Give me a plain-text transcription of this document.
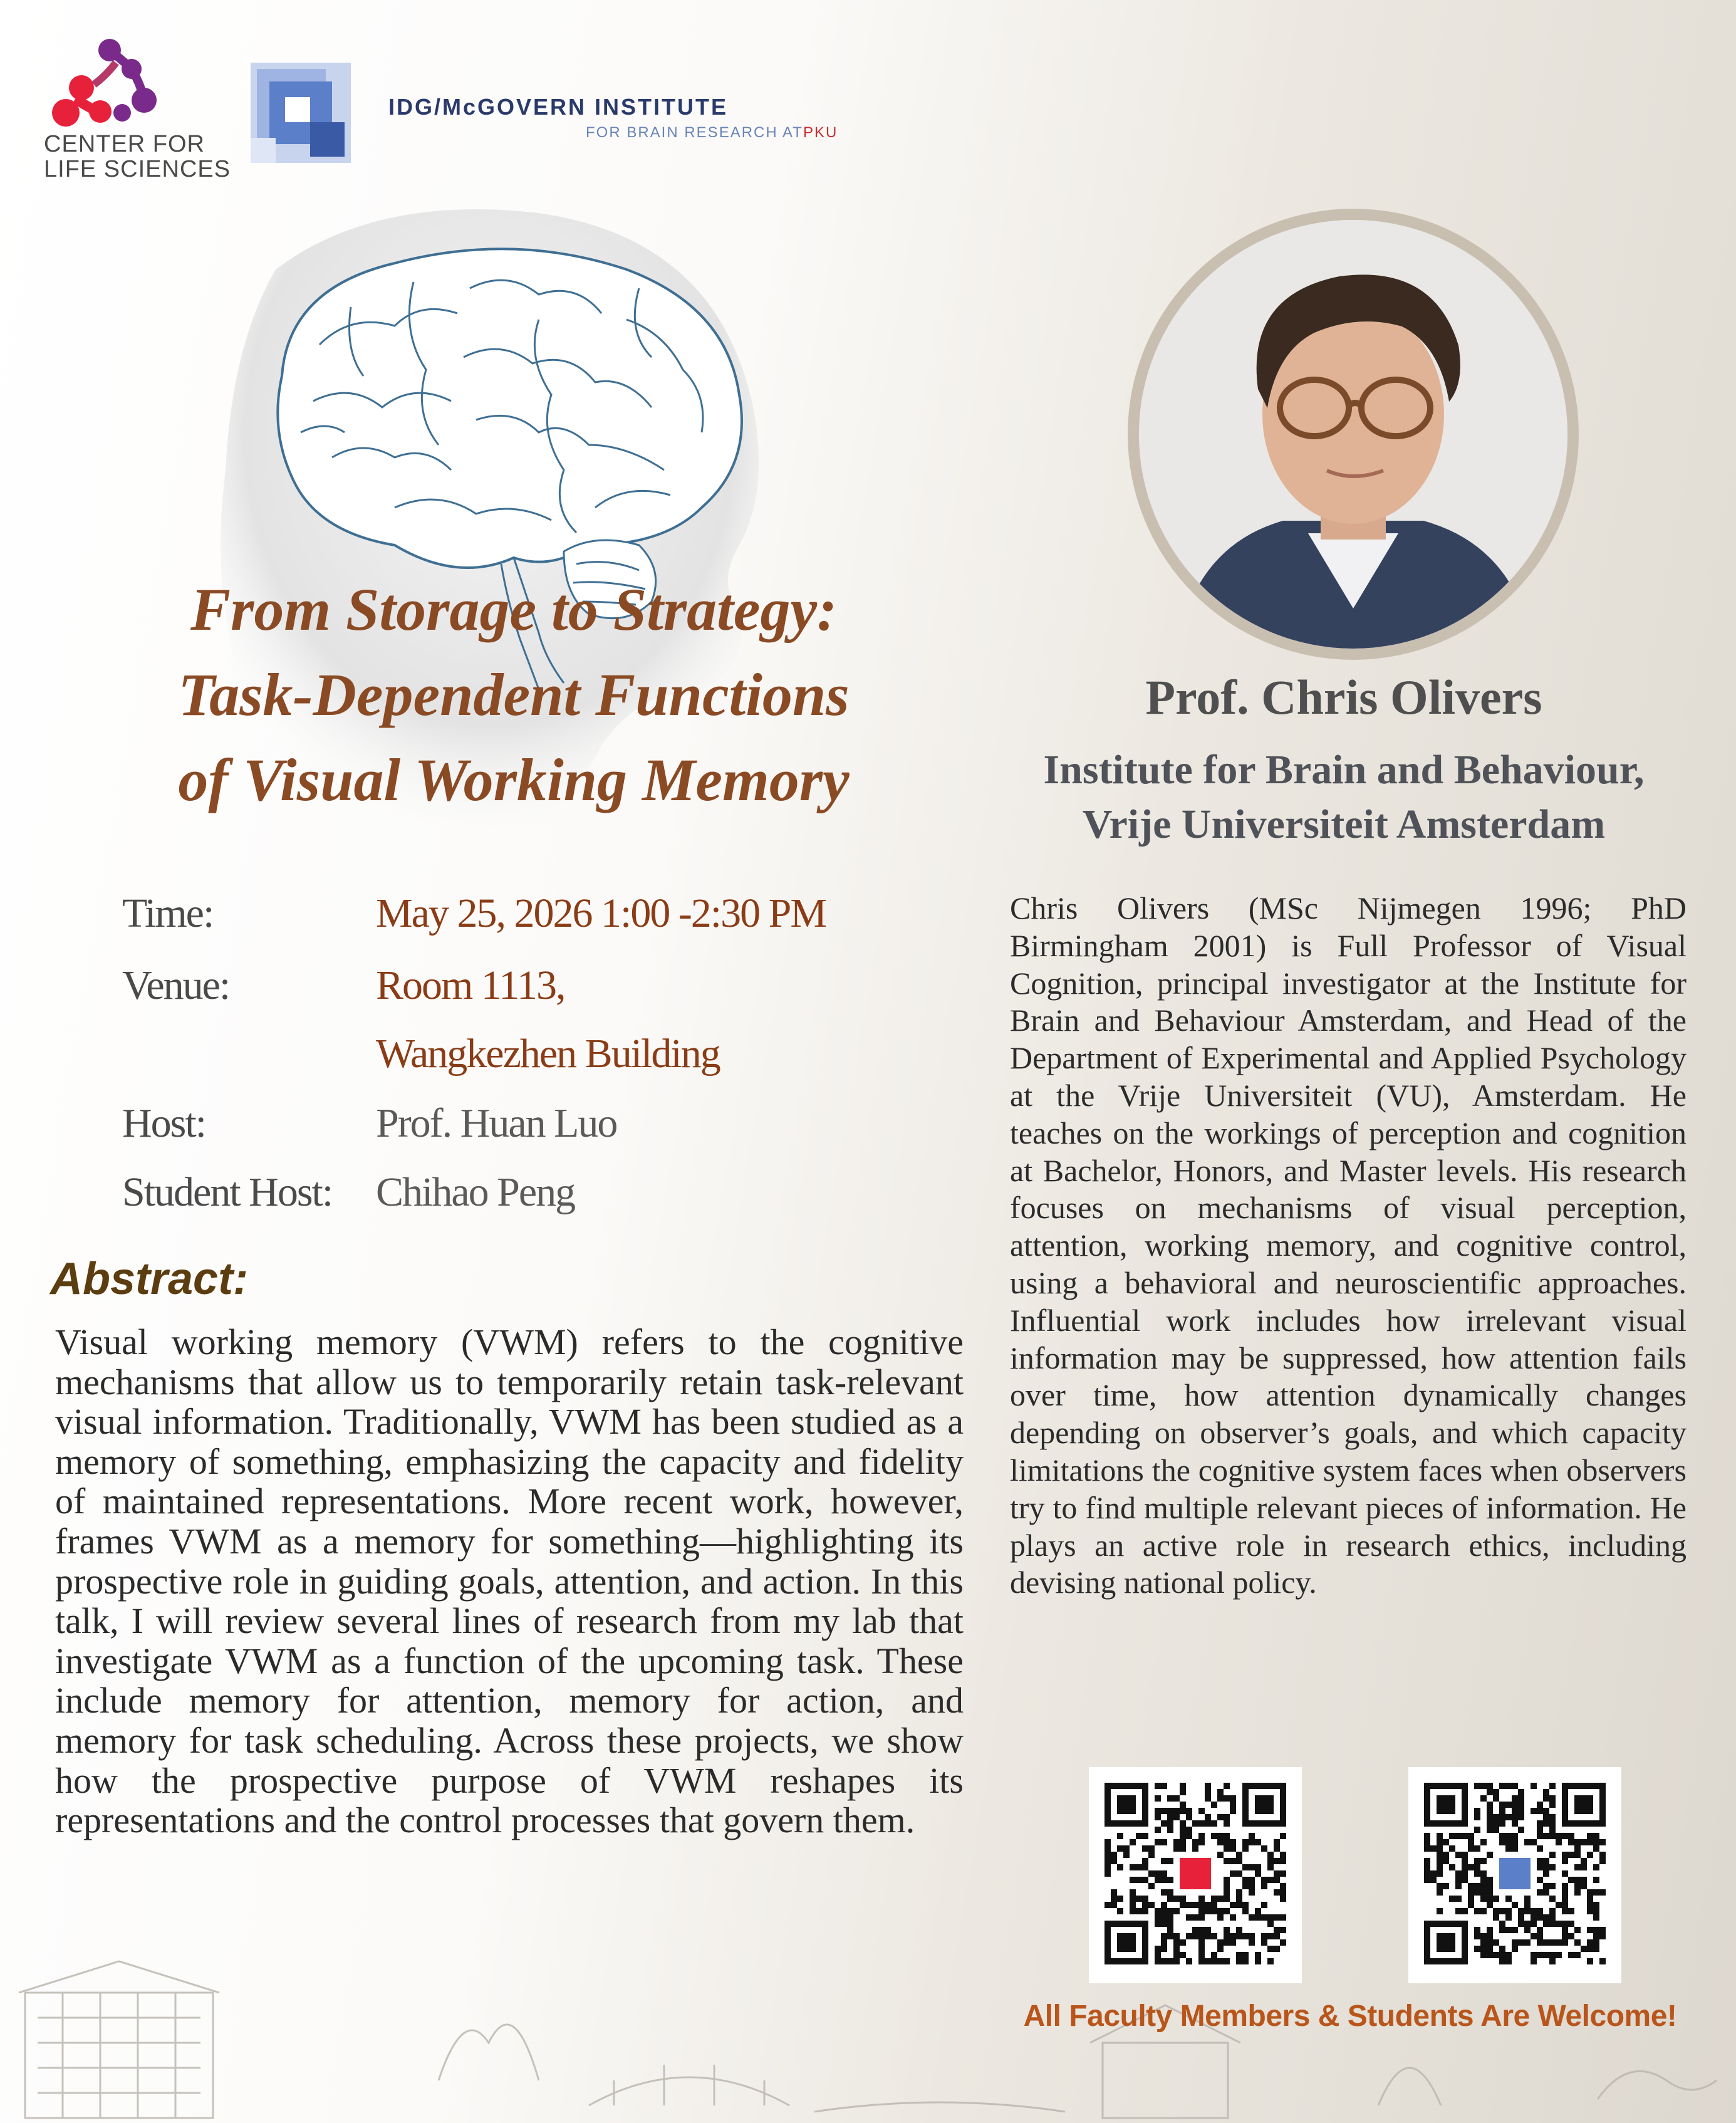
CENTER FOR
LIFE SCIENCES
IDG/McGOVERN INSTITUTE
FOR BRAIN RESEARCH ATPKU
From Storage to Strategy:
Task-Dependent Functions
of Visual Working Memory
Time:	May 25, 2026 1:00 -2:30 PM
Venue:	Room 1113,
Wangkezhen Building
Host:	Prof. Huan Luo
Student Host: Chihao Peng
Abstract:
Visual working memory (VWM) refers to the cognitive mechanisms that allow us to temporarily retain task-relevant visual information. Traditionally, VWM has been studied as a memory of something, emphasizing the capacity and fidelity of maintained representations. More recent work, however, frames VWM as a memory for something—highlighting its prospective role in guiding goals, attention, and action. In this talk, I will review several lines of research from my lab that investigate VWM as a function of the upcoming task. These include memory for attention, memory for action, and memory for task scheduling. Across these projects, we show how the prospective purpose of VWM reshapes its representations and the control processes that govern them.
Prof. Chris Olivers
Institute for Brain and Behaviour,
Vrije Universiteit Amsterdam
Chris Olivers (MSc Nijmegen 1996; PhD Birmingham 2001) is Full Professor of Visual Cognition, principal investigator at the Institute for Brain and Behaviour Amsterdam, and Head of the Department of Experimental and Applied Psychology at the Vrije Universiteit (VU), Amsterdam. He teaches on the workings of perception and cognition at Bachelor, Honors, and Master levels. His research focuses on mechanisms of visual perception, attention, working memory, and cognitive control, using a behavioral and neuroscientific approaches. Influential work includes how irrelevant visual information may be suppressed, how attention fails over time, how attention dynamically changes depending on observer’s goals, and which capacity limitations the cognitive system faces when observers try to find multiple relevant pieces of information. He plays an active role in research ethics, including devising national policy.
All Faculty Members & Students Are Welcome!
